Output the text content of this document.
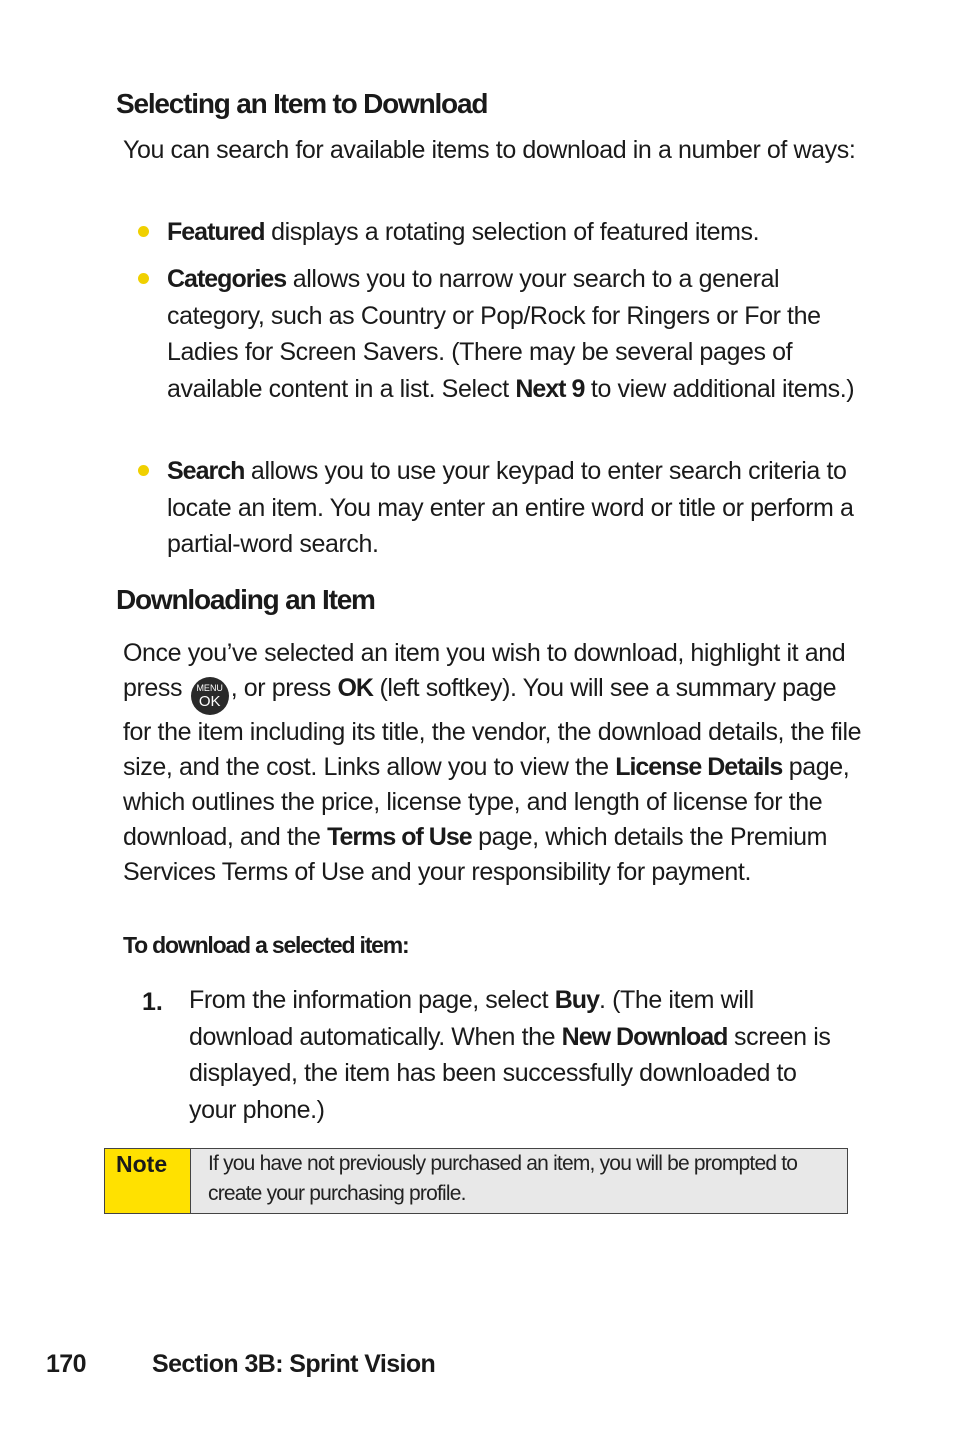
Selecting an Item to Download

You can search for available items to download in a number of ways:

Featured displays a rotating selection of featured items.
Categories allows you to narrow your search to a general category, such as Country or Pop/Rock for Ringers or For the Ladies for Screen Savers. (There may be several pages of available content in a list. Select Next 9 to view additional items.)
Search allows you to use your keypad to enter search criteria to locate an item. You may enter an entire word or title or perform a partial-word search.
Downloading an Item

Once you’ve selected an item you wish to download, highlight it and press MENU
OK , or press OK (left softkey). You will see a summary page for the item including its title, the vendor, the download details, the file size, and the cost. Links allow you to view the License Details page, which outlines the price, license type, and length of license for the download, and the Terms of Use page, which details the Premium Services Terms of Use and your responsibility for payment.

To download a selected item:
1. From the information page, select Buy. (The item will download automatically. When the New Download screen is displayed, the item has been successfully downloaded to your phone.)
Note	If you have not previously purchased an item, you will be prompted to create your purchasing profile.
170	Section 3B: Sprint Vision
